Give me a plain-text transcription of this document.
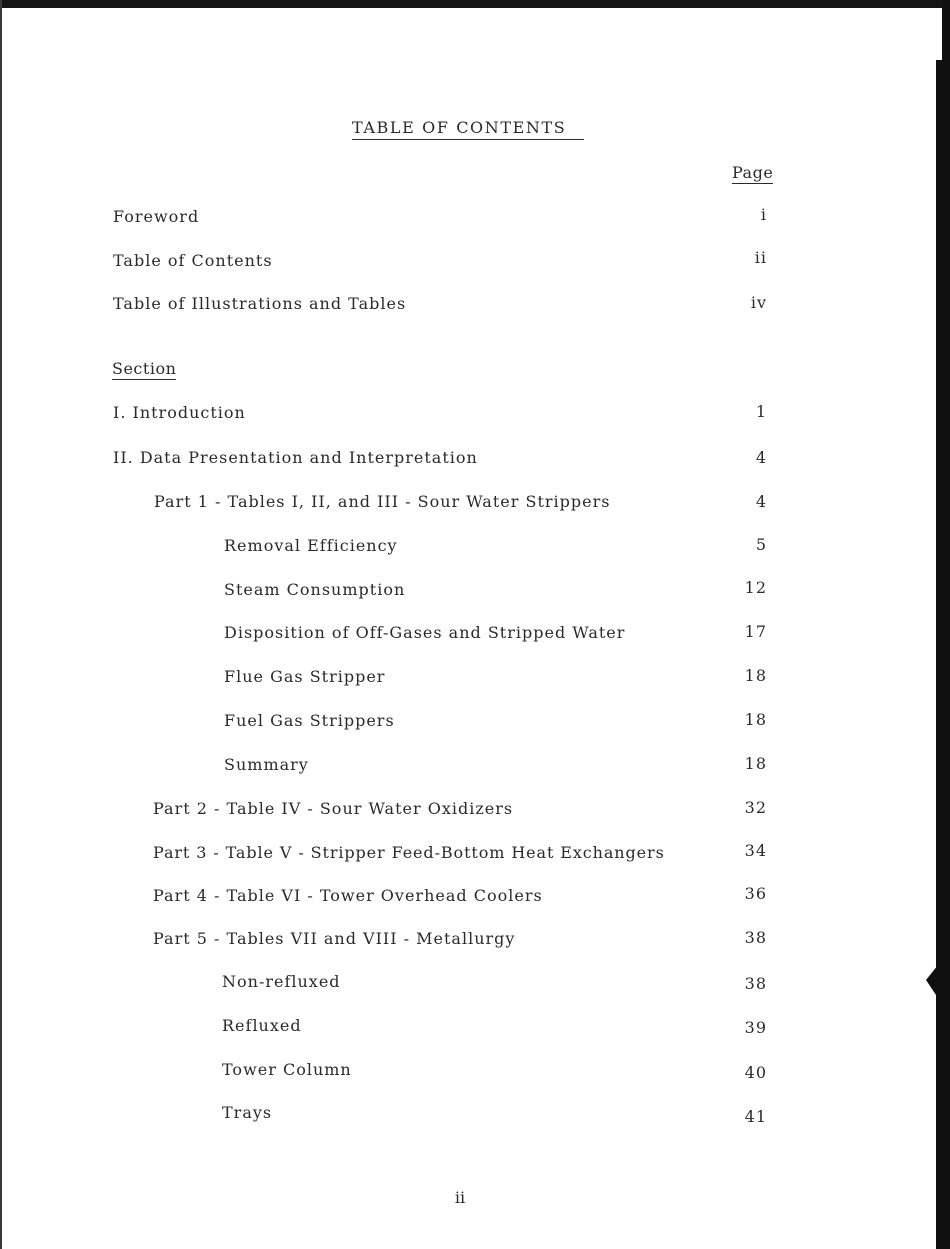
TABLE OF CONTENTS
Page
Foreword	i
Table of Contents	ii
Table of Illustrations and Tables	iv
Section
I. Introduction	1
II. Data Presentation and Interpretation	4
Part 1 - Tables I, II, and III - Sour Water Strippers	4
Removal Efficiency	5
Steam Consumption	12
Disposition of Off-Gases and Stripped Water	17
Flue Gas Stripper	18
Fuel Gas Strippers	18
Summary	18
Part 2 - Table IV - Sour Water Oxidizers	32
Part 3 - Table V - Stripper Feed-Bottom Heat Exchangers	34
Part 4 - Table VI - Tower Overhead Coolers	36
Part 5 - Tables VII and VIII - Metallurgy	38
Non-refluxed	38
Refluxed	39
Tower Column	40
Trays	41
ii
